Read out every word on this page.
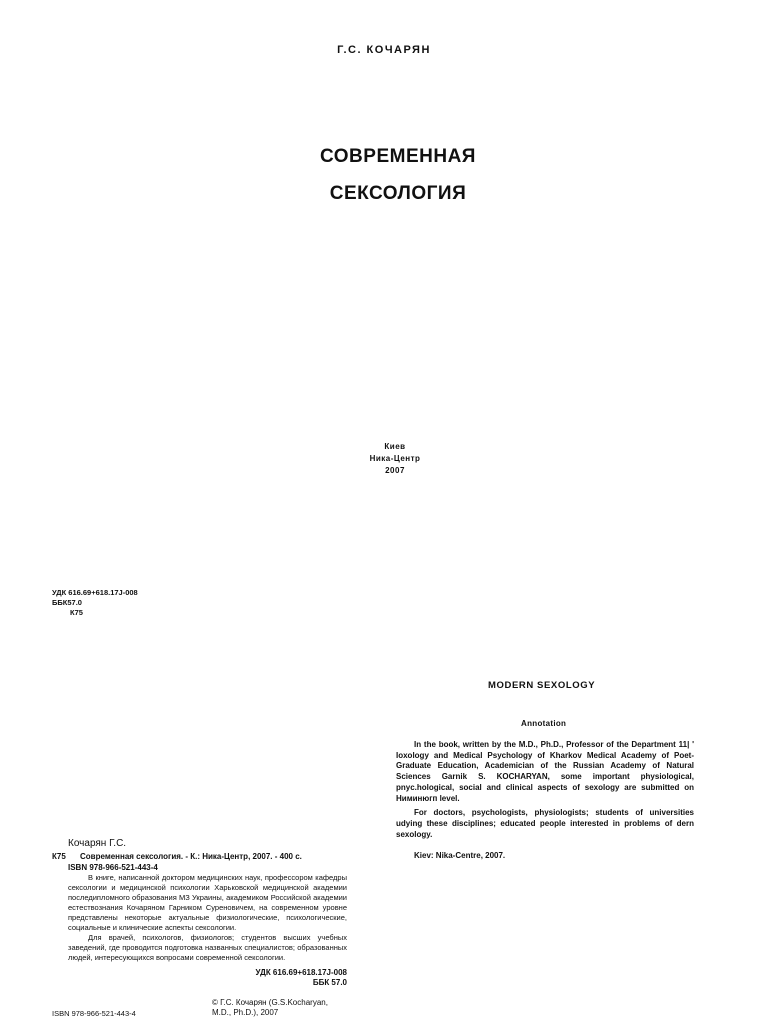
Г.С. КОЧАРЯН
СОВРЕМЕННАЯ
СЕКСОЛОГИЯ
Киев
Ника-Центр
2007
УДК 616.69+618.17J-008
ББК57.0
К75
MODERN SEXOLOGY
Annotation

In the book, written by the M.D., Ph.D., Professor of the Department 11| ' Ioxology and Medical Psychology of Kharkov Medical Academy of Poet-Graduate Education, Academician of the Russian Academy of Natural Sciences Garnik S. KOCHARYAN, some important physiological, pnyc.hological, social and clinical aspects of sexology are submitted on Ниминюгп level.

For doctors, psychologists, physiologists; students of universities udying these disciplines; educated people interested in problems of dern sexology.

Kiev: Nika-Centre, 2007.
Кочарян Г.С.
К75 Современная сексология. - К.: Ника-Центр, 2007. - 400 с.
ISBN 978-966-521-443-4

В книге, написанной доктором медицинских наук, профессором кафедры сексологии и медицинской психологии Харьковской медицинской академии последипломного образования МЗ Украины, академиком Российской академии естествознания Кочаряном Гарником Суреновичем, на современном уровне представлены некоторые актуальные физиологические, психологические, социальные и клинические аспекты сексологии.

Для врачей, психологов, физиологов; студентов высших учебных заведений, где проводится подготовка названных специалистов; образованных людей, интересующихся вопросами современной сексологии.

УДК 616.69+618.17J-008
ББК 57.0
ISBN 978-966-521-443-4
© Г.С. Кочарян (G.S.Kocharyan,
M.D., Ph.D.), 2007
